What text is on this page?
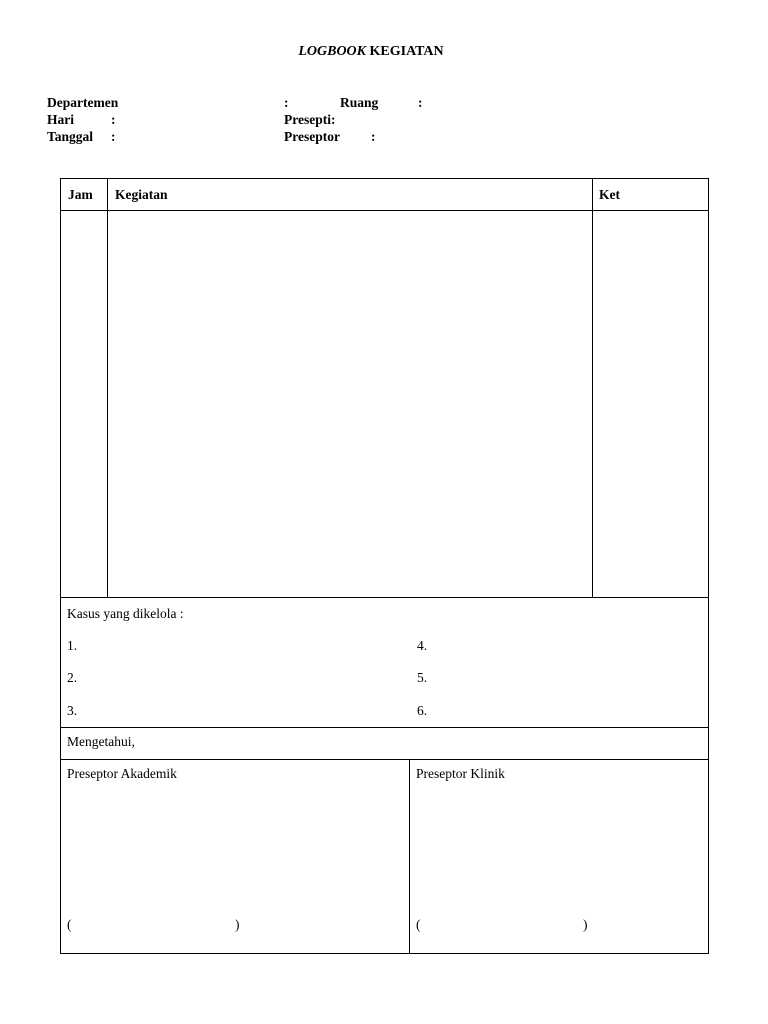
LOGBOOK KEGIATAN
Departemen	:	Ruang	:
Hari	:	Presepti:
Tanggal :	Preseptor :
Jam Kegiatan	Ket
Kasus yang dikelola :
1.
2.
3.
4.
5.
6.
Mengetahui,
Preseptor Akademik
(	)
Preseptor Klinik
(	)
